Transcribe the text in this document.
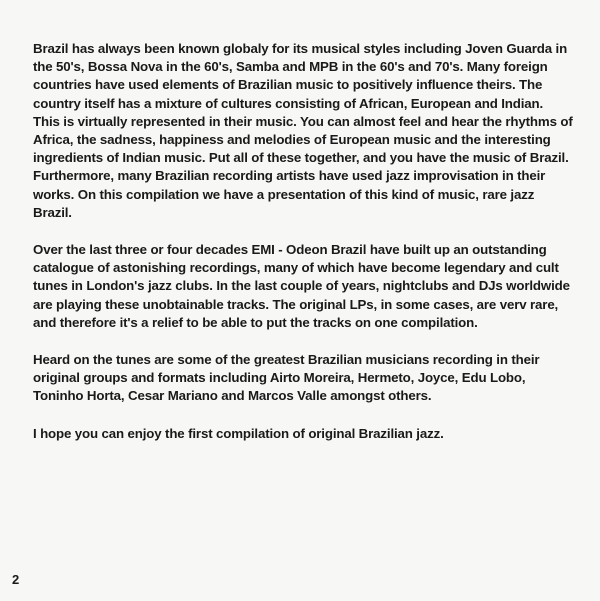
Brazil has always been known globaly for its musical styles including Joven Guarda in the 50's, Bossa Nova in the 60's, Samba and MPB in the 60's and 70's. Many foreign countries have used elements of Brazilian music to positively influence theirs. The country itself has a mixture of cultures consisting of African, European and Indian. This is virtually represented in their music. You can almost feel and hear the rhythms of Africa, the sadness, happiness and melodies of European music and the interesting ingredients of Indian music. Put all of these together, and you have the music of Brazil. Furthermore, many Brazilian recording artists have used jazz improvisation in their works. On this compilation we have a presentation of this kind of music, rare jazz Brazil.

Over the last three or four decades EMI - Odeon Brazil have built up an outstanding catalogue of astonishing recordings, many of which have become legendary and cult tunes in London's jazz clubs. In the last couple of years, nightclubs and DJs worldwide are playing these unobtainable tracks. The original LPs, in some cases, are verv rare, and therefore it's a relief to be able to put the tracks on one compilation.

Heard on the tunes are some of the greatest Brazilian musicians recording in their original groups and formats including Airto Moreira, Hermeto, Joyce, Edu Lobo, Toninho Horta, Cesar Mariano and Marcos Valle amongst others.

I hope you can enjoy the first compilation of original Brazilian jazz.

2
